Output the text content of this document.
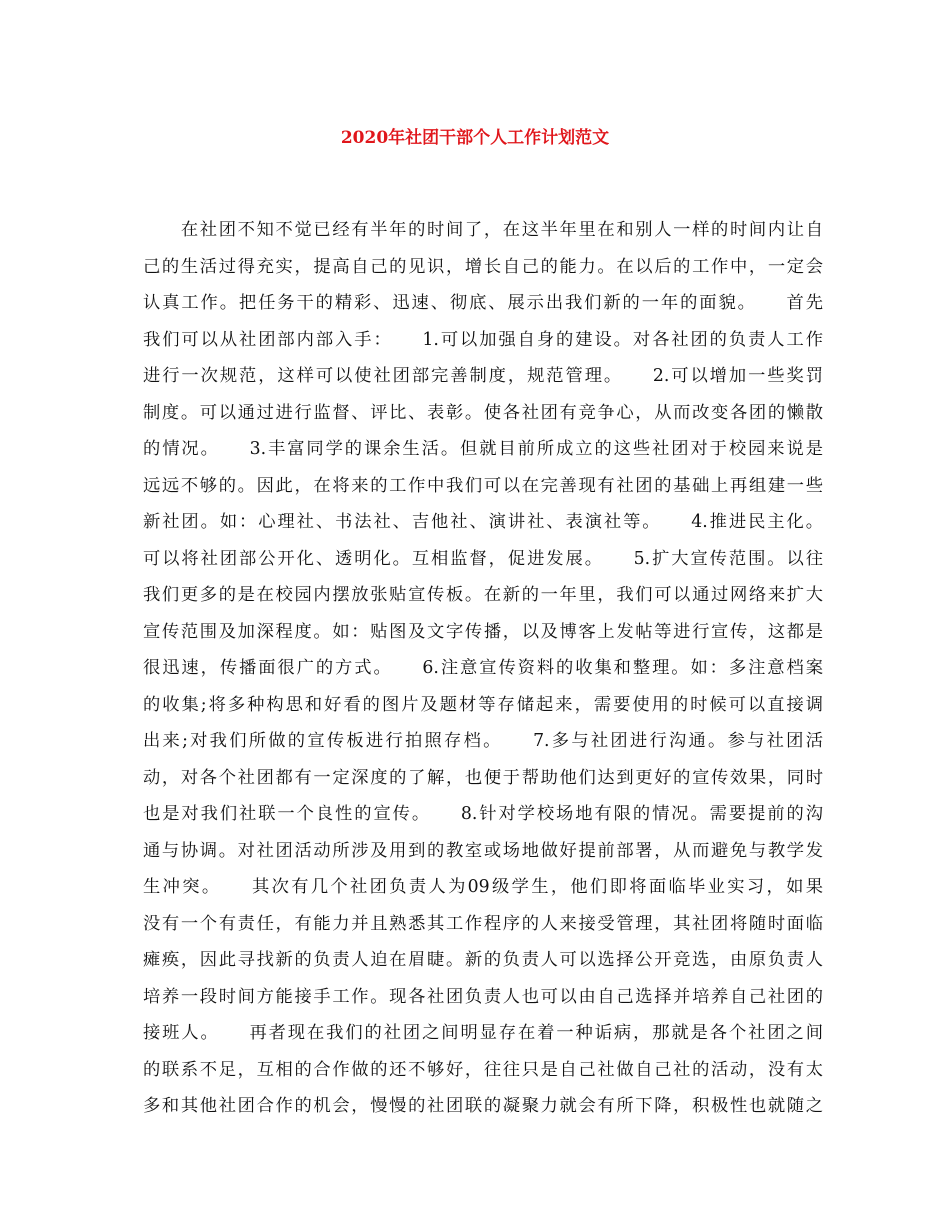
2020年社团干部个人工作计划范文
　　在社团不知不觉已经有半年的时间了，在这半年里在和别人一样的时间内让自
己的生活过得充实，提高自己的见识，增长自己的能力。在以后的工作中，一定会
认真工作。把任务干的精彩、迅速、彻底、展示出我们新的一年的面貌。　　首先
我们可以从社团部内部入手：　　1.可以加强自身的建设。对各社团的负责人工作
进行一次规范，这样可以使社团部完善制度，规范管理。　　2.可以增加一些奖罚
制度。可以通过进行监督、评比、表彰。使各社团有竞争心，从而改变各团的懒散
的情况。　　3.丰富同学的课余生活。但就目前所成立的这些社团对于校园来说是
远远不够的。因此，在将来的工作中我们可以在完善现有社团的基础上再组建一些
新社团。如：心理社、书法社、吉他社、演讲社、表演社等。　　4.推进民主化。
可以将社团部公开化、透明化。互相监督，促进发展。　　5.扩大宣传范围。以往
我们更多的是在校园内摆放张贴宣传板。在新的一年里，我们可以通过网络来扩大
宣传范围及加深程度。如：贴图及文字传播，以及博客上发帖等进行宣传，这都是
很迅速，传播面很广的方式。　　6.注意宣传资料的收集和整理。如：多注意档案
的收集;将多种构思和好看的图片及题材等存储起来，需要使用的时候可以直接调
出来;对我们所做的宣传板进行拍照存档。　　7.多与社团进行沟通。参与社团活
动，对各个社团都有一定深度的了解，也便于帮助他们达到更好的宣传效果，同时
也是对我们社联一个良性的宣传。　　8.针对学校场地有限的情况。需要提前的沟
通与协调。对社团活动所涉及用到的教室或场地做好提前部署，从而避免与教学发
生冲突。　　其次有几个社团负责人为09级学生，他们即将面临毕业实习，如果
没有一个有责任，有能力并且熟悉其工作程序的人来接受管理，其社团将随时面临
瘫痪，因此寻找新的负责人迫在眉睫。新的负责人可以选择公开竞选，由原负责人
培养一段时间方能接手工作。现各社团负责人也可以由自己选择并培养自己社团的
接班人。　　再者现在我们的社团之间明显存在着一种诟病，那就是各个社团之间
的联系不足，互相的合作做的还不够好，往往只是自己社做自己社的活动，没有太
多和其他社团合作的机会，慢慢的社团联的凝聚力就会有所下降，积极性也就随之
